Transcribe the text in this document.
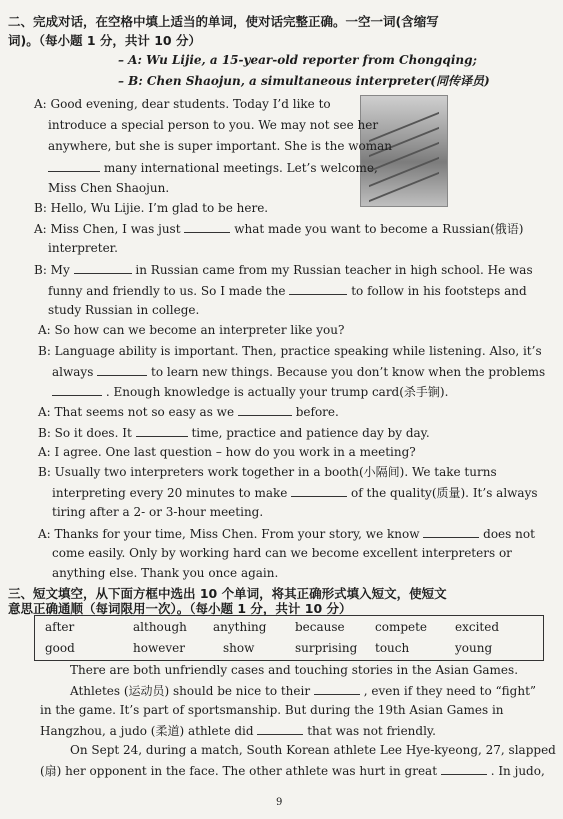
二、完成对话，在空格中填上适当的单词，使对话完整正确。一空一词(含缩写
词)。（每小题 1 分，共计 10 分）
– A: Wu Lijie, a 15-year-old reporter from Chongqing;
– B: Chen Shaojun, a simultaneous interpreter(同传译员)
A: Good evening, dear students. Today I’d like to
introduce a special person to you. We may not see her
anywhere, but she is super important. She is the woman
many international meetings. Let’s welcome,
Miss Chen Shaojun.
B: Hello, Wu Lijie. I’m glad to be here.
A: Miss Chen, I was just	what made you want to become a Russian(俄语)
interpreter.
B: My	in Russian came from my Russian teacher in high school. He was
funny and friendly to us. So I made the	to follow in his footsteps and
study Russian in college.
A: So how can we become an interpreter like you?
B: Language ability is important. Then, practice speaking while listening. Also, it’s
always	to learn new things. Because you don’t know when the problems
. Enough knowledge is actually your trump card(杀手锏).
A: That seems not so easy as we	before.
B: So it does. It	time, practice and patience day by day.
A: I agree. One last question – how do you work in a meeting?
B: Usually two interpreters work together in a booth(小隔间). We take turns
interpreting every 20 minutes to make	of the quality(质量). It’s always
tiring after a 2- or 3-hour meeting.
A: Thanks for your time, Miss Chen. From your story, we know	does not
come easily. Only by working hard can we become excellent interpreters or
anything else. Thank you once again.
三、短文填空，从下面方框中选出 10 个单词，将其正确形式填入短文，使短文
意思正确通顺（每词限用一次）。（每小题 1 分，共计 10 分）
after	although anything because	compete excited
good	however	show	surprising touch	young
There are both unfriendly cases and touching stories in the Asian Games.
Athletes (运动员) should be nice to their	, even if they need to “fight”
in the game. It’s part of sportsmanship. But during the 19th Asian Games in
Hangzhou, a judo (柔道) athlete did	that was not friendly.
On Sept 24, during a match, South Korean athlete Lee Hye-kyeong, 27, slapped
(扇) her opponent in the face. The other athlete was hurt in great	. In judo,
9
